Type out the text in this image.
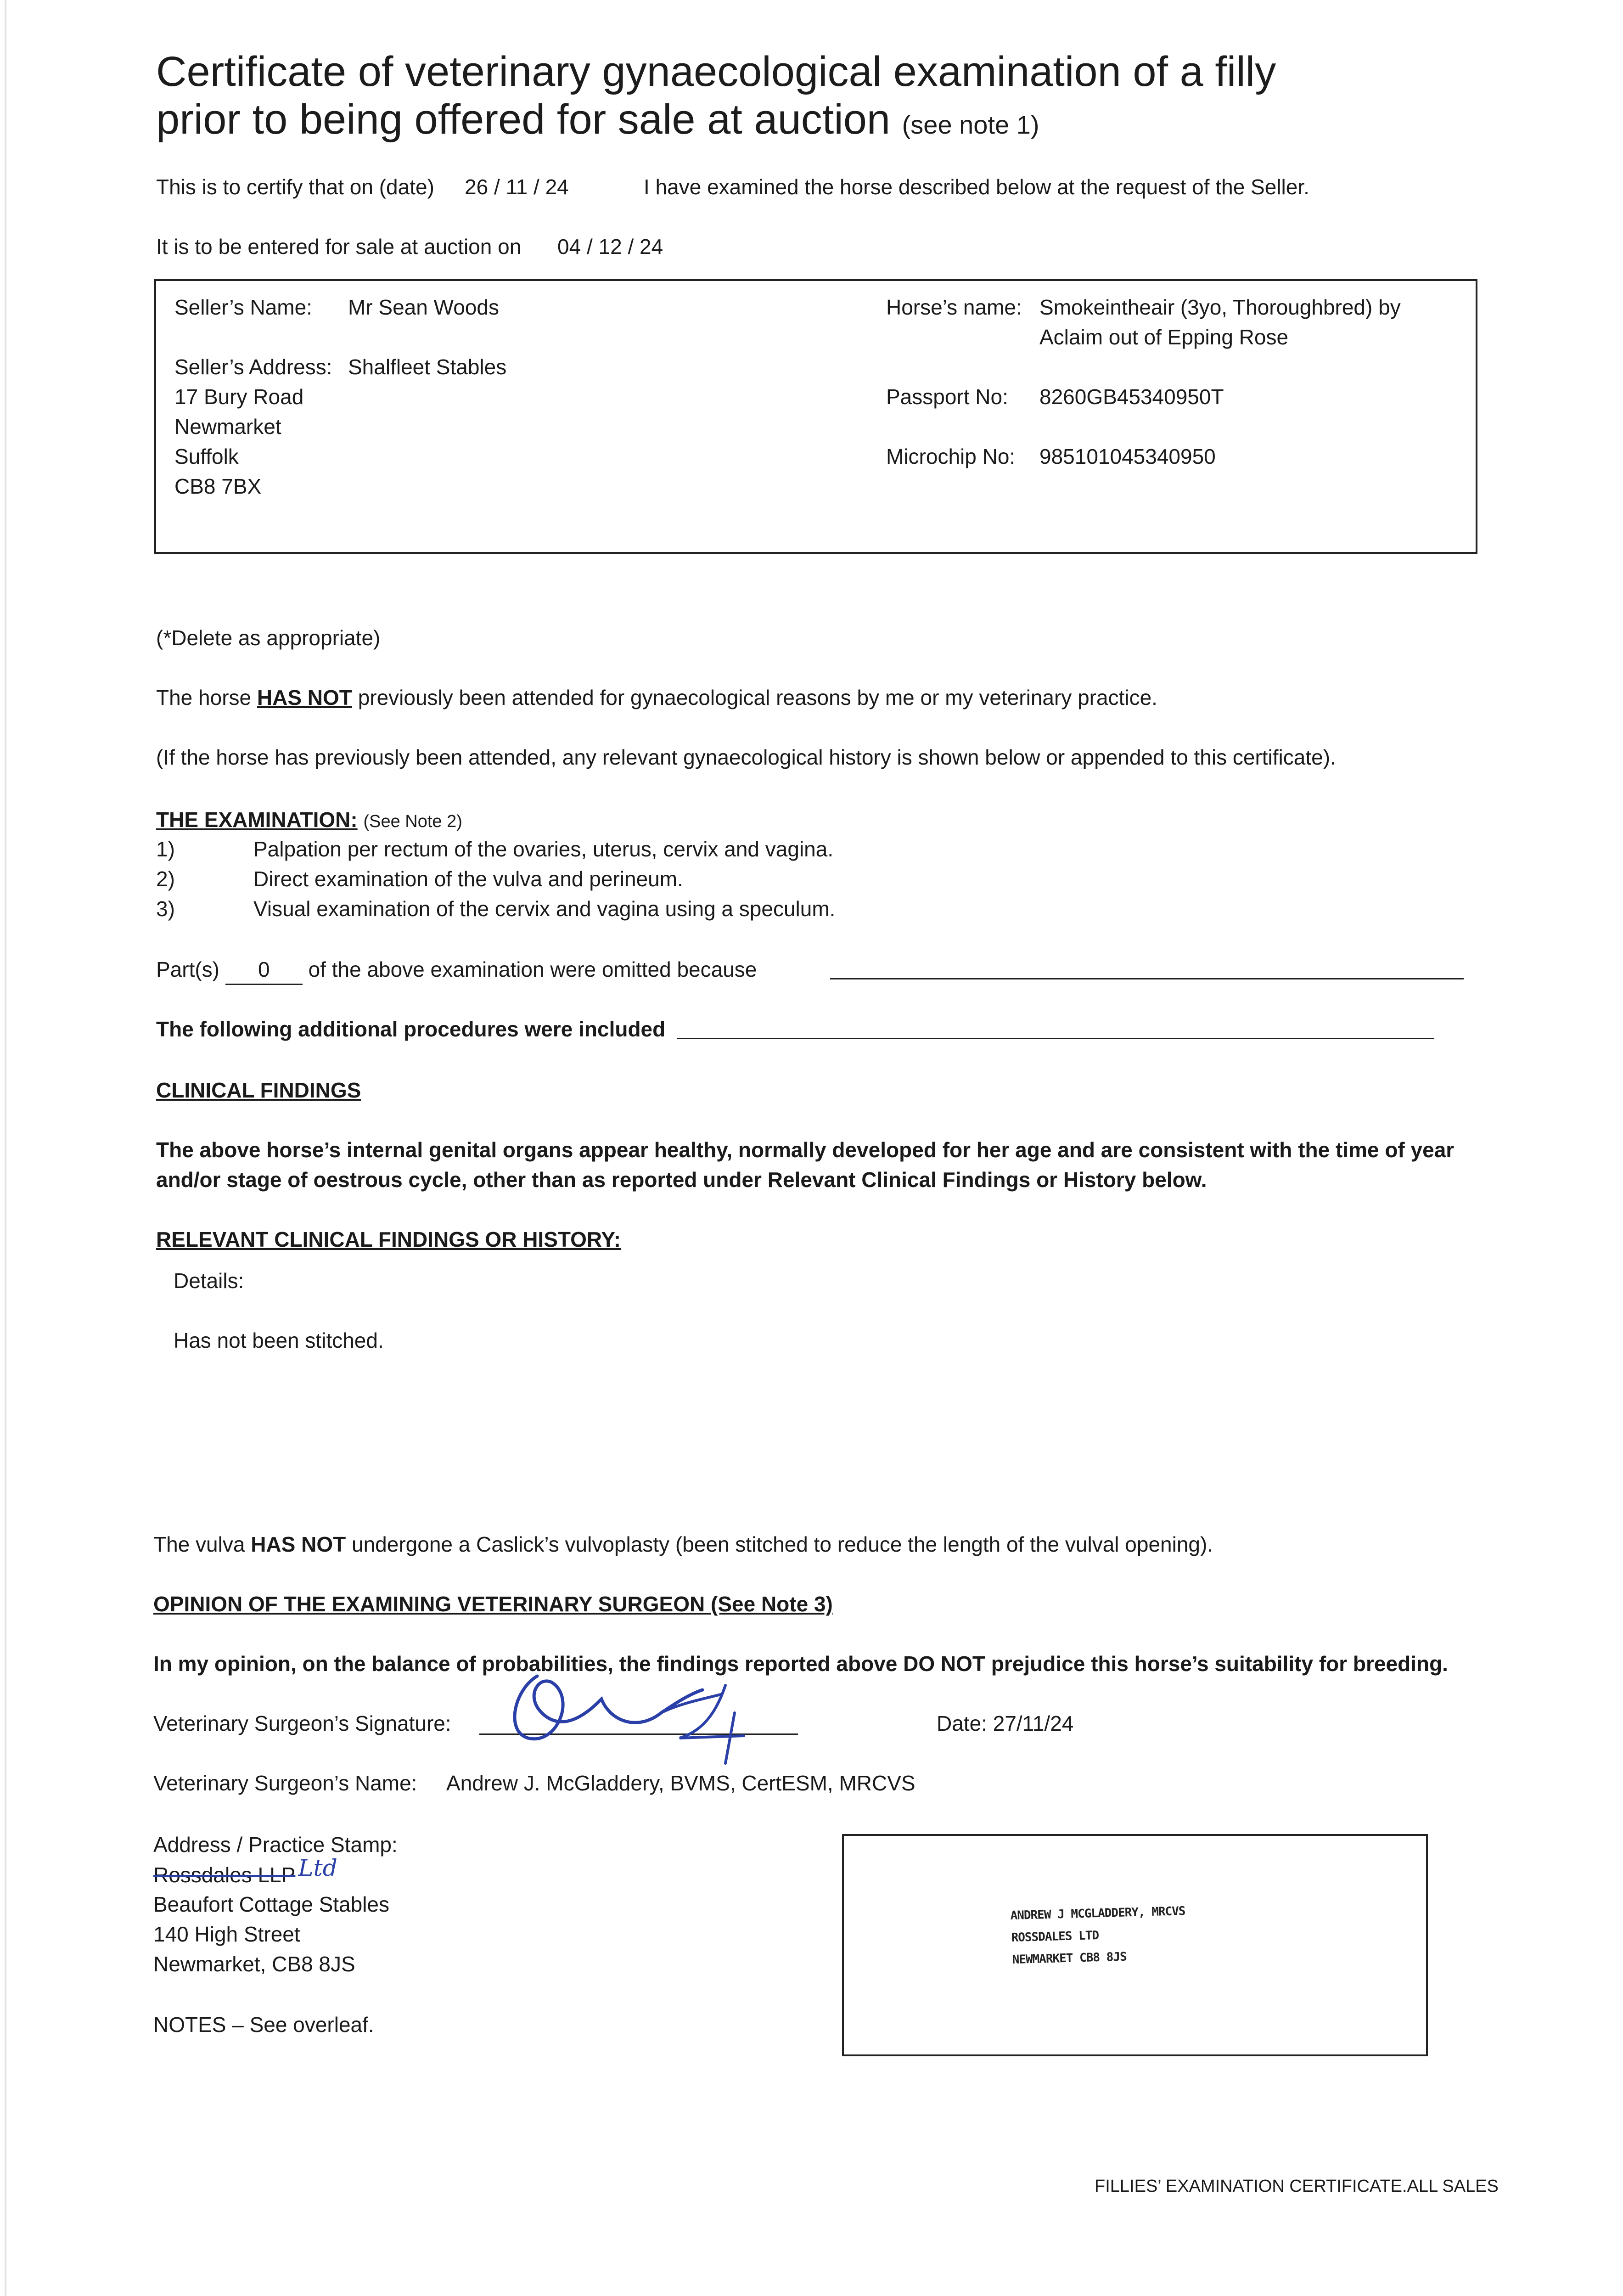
Certificate of veterinary gynaecological examination of a filly
prior to being offered for sale at auction (see note 1)
This is to certify that on (date) 26 / 11 / 24	I have examined the horse described below at the request of the Seller.
It is to be entered for sale at auction on 04 / 12 / 24
Seller’s Name: Mr Sean Woods
Seller’s Address: Shalfleet Stables
17 Bury Road
Newmarket
Suffolk
CB8 7BX
Horse’s name: Smokeintheair (3yo, Thoroughbred) by
Aclaim out of Epping Rose
Passport No: 8260GB45340950T
Microchip No: 985101045340950
(*Delete as appropriate)
The horse HAS NOT previously been attended for gynaecological reasons by me or my veterinary practice.
(If the horse has previously been attended, any relevant gynaecological history is shown below or appended to this certificate).
THE EXAMINATION: (See Note 2)
1)	Palpation per rectum of the ovaries, uterus, cervix and vagina.
2)	Direct examination of the vulva and perineum.
3)	Visual examination of the cervix and vagina using a speculum.
Part(s) 0 of the above examination were omitted because
The following additional procedures were included
CLINICAL FINDINGS
The above horse’s internal genital organs appear healthy, normally developed for her age and are consistent with the time of year
and/or stage of oestrous cycle, other than as reported under Relevant Clinical Findings or History below.
RELEVANT CLINICAL FINDINGS OR HISTORY:
Details:
Has not been stitched.
The vulva HAS NOT undergone a Caslick’s vulvoplasty (been stitched to reduce the length of the vulval opening).
OPINION OF THE EXAMINING VETERINARY SURGEON (See Note 3)
In my opinion, on the balance of probabilities, the findings reported above DO NOT prejudice this horse’s suitability for breeding.
Veterinary Surgeon’s Signature:	Date: 27/11/24
Veterinary Surgeon’s Name: Andrew J. McGladdery, BVMS, CertESM, MRCVS
Address / Practice Stamp:
Rossdales LLP Ltd
Beaufort Cottage Stables
140 High Street
Newmarket, CB8 8JS
ANDREW J MCGLADDERY, MRCVS
ROSSDALES LTD
NEWMARKET CB8 8JS
NOTES – See overleaf.
FILLIES’ EXAMINATION CERTIFICATE.ALL SALES
